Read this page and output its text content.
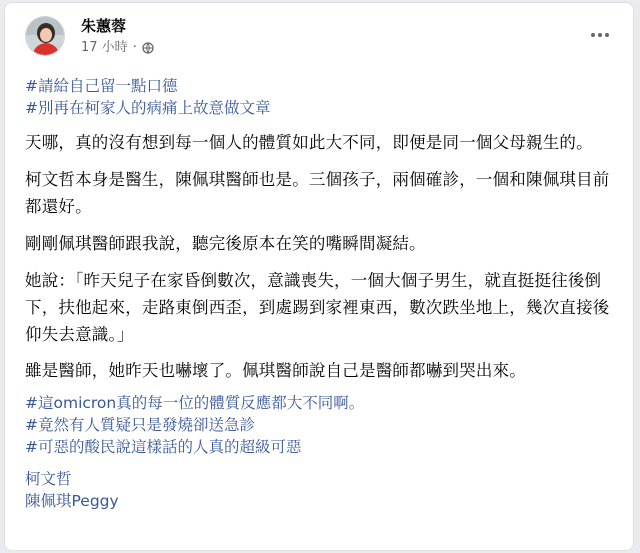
朱蕙蓉
17 小時 ·
#請給自己留一點口德
#別再在柯家人的病痛上故意做文章

天哪，真的沒有想到每一個人的體質如此大不同，即便是同一個父母親生的。

柯文哲本身是醫生，陳佩琪醫師也是。三個孩子，兩個確診，一個和陳佩琪目前都還好。

剛剛佩琪醫師跟我說，聽完後原本在笑的嘴瞬間凝結。

她說：「昨天兒子在家昏倒數次，意識喪失，一個大個子男生，就直挺挺往後倒下，扶他起來，走路東倒西歪，到處踢到家裡東西，數次跌坐地上，幾次直接後仰失去意識。」

雖是醫師，她昨天也嚇壞了。佩琪醫師說自己是醫師都嚇到哭出來。

#這omicron真的每一位的體質反應都大不同啊。
#竟然有人質疑只是發燒卻送急診
#可惡的酸民說這樣話的人真的超級可惡
柯文哲
陳佩琪Peggy
